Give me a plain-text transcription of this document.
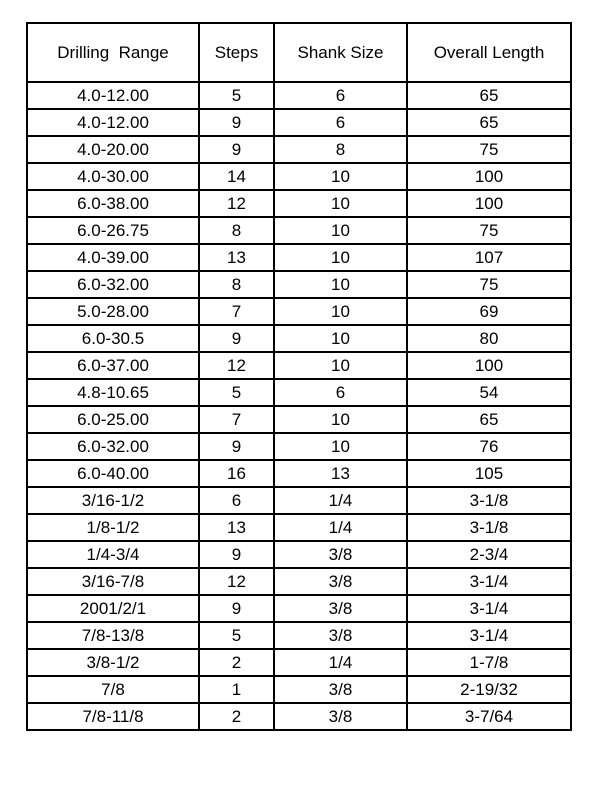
Drilling  Range	Steps	Shank Size	Overall Length
4.0-12.00	5	6	65
4.0-12.00	9	6	65
4.0-20.00	9	8	75
4.0-30.00	14	10	100
6.0-38.00	12	10	100
6.0-26.75	8	10	75
4.0-39.00	13	10	107
6.0-32.00	8	10	75
5.0-28.00	7	10	69
6.0-30.5	9	10	80
6.0-37.00	12	10	100
4.8-10.65	5	6	54
6.0-25.00	7	10	65
6.0-32.00	9	10	76
6.0-40.00	16	13	105
3/16-1/2	6	1/4	3-1/8
1/8-1/2	13	1/4	3-1/8
1/4-3/4	9	3/8	2-3/4
3/16-7/8	12	3/8	3-1/4
2001/2/1	9	3/8	3-1/4
7/8-13/8	5	3/8	3-1/4
3/8-1/2	2	1/4	1-7/8
7/8	1	3/8	2-19/32
7/8-11/8	2	3/8	3-7/64
